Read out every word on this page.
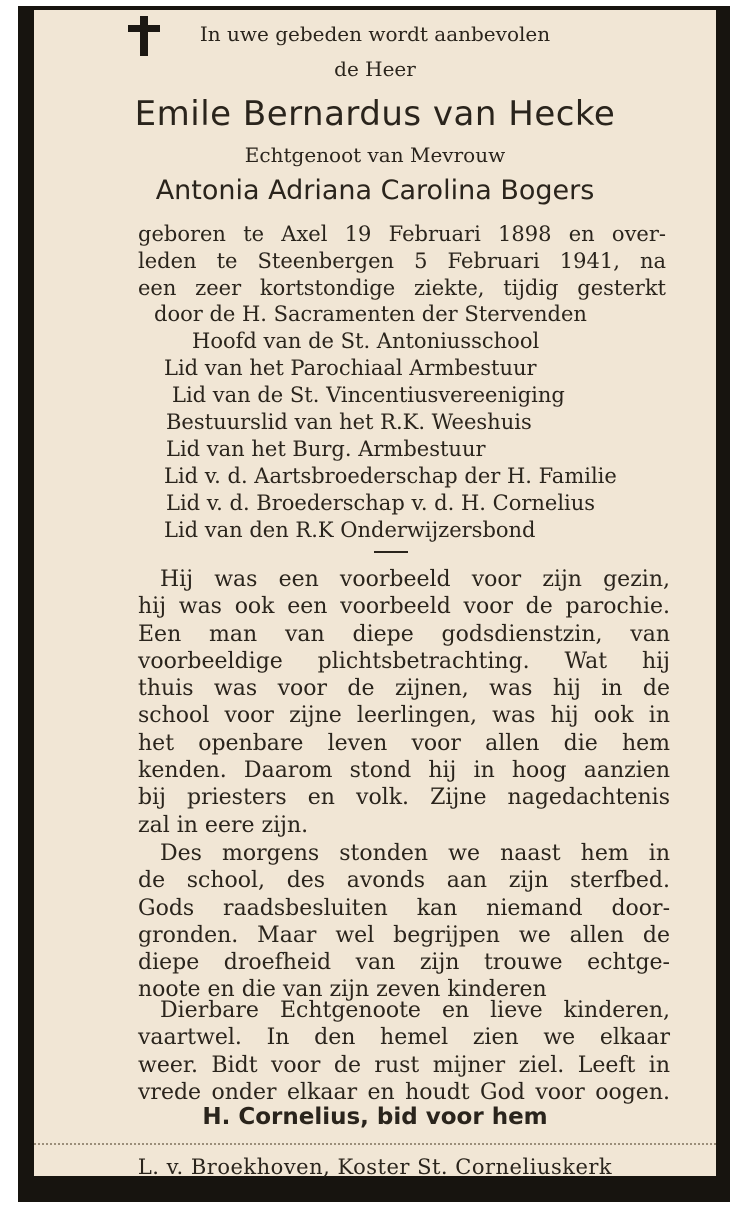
In uwe gebeden wordt aanbevolen
de Heer
Emile Bernardus van Hecke
Echtgenoot van Mevrouw
Antonia Adriana Carolina Bogers
geboren te Axel 19 Februari 1898 en over-
leden te Steenbergen 5 Februari 1941, na
een zeer kortstondige ziekte, tijdig gesterkt
door de H. Sacramenten der Stervenden
Hoofd van de St. Antoniusschool
Lid van het Parochiaal Armbestuur
Lid van de St. Vincentiusvereeniging
Bestuurslid van het R.K. Weeshuis
Lid van het Burg. Armbestuur
Lid v. d. Aartsbroederschap der H. Familie
Lid v. d. Broederschap v. d. H. Cornelius
Lid van den R.K Onderwijzersbond
Hij was een voorbeeld voor zijn gezin,
hij was ook een voorbeeld voor de parochie.
Een man van diepe godsdienstzin, van
voorbeeldige plichtsbetrachting. Wat hij
thuis was voor de zijnen, was hij in de
school voor zijne leerlingen, was hij ook in
het openbare leven voor allen die hem
kenden. Daarom stond hij in hoog aanzien
bij priesters en volk. Zijne nagedachtenis
zal in eere zijn.
Des morgens stonden we naast hem in
de school, des avonds aan zijn sterfbed.
Gods raadsbesluiten kan niemand door-
gronden. Maar wel begrijpen we allen de
diepe droefheid van zijn trouwe echtge-
noote en die van zijn zeven kinderen
Dierbare Echtgenoote en lieve kinderen,
vaartwel. In den hemel zien we elkaar
weer. Bidt voor de rust mijner ziel. Leeft in
vrede onder elkaar en houdt God voor oogen.
H. Cornelius, bid voor hem
L. v. Broekhoven, Koster St. Corneliuskerk
